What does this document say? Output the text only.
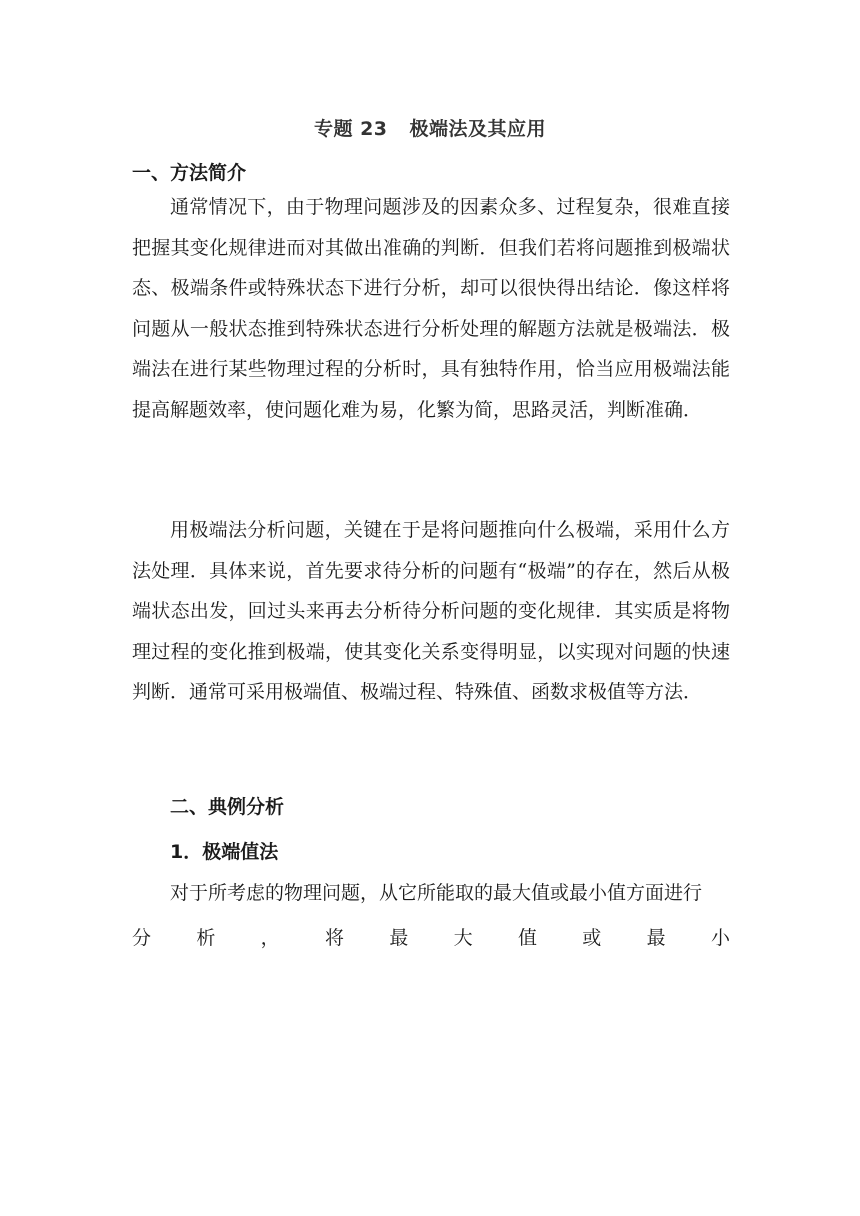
专题 23 极端法及其应用
一、方法简介

通常情况下，由于物理问题涉及的因素众多、过程复杂，很难直接把握其变化规律进而对其做出准确的判断．但我们若将问题推到极端状态、极端条件或特殊状态下进行分析，却可以很快得出结论．像这样将问题从一般状态推到特殊状态进行分析处理的解题方法就是极端法．极端法在进行某些物理过程的分析时，具有独特作用，恰当应用极端法能提高解题效率，使问题化难为易，化繁为简，思路灵活，判断准确．

用极端法分析问题，关键在于是将问题推向什么极端，采用什么方法处理．具体来说，首先要求待分析的问题有“极端”的存在，然后从极端状态出发，回过头来再去分析待分析问题的变化规律．其实质是将物理过程的变化推到极端，使其变化关系变得明显，以实现对问题的快速判断．通常可采用极端值、极端过程、特殊值、函数求极值等方法．

二、典例分析
1．极端值法

对于所考虑的物理问题，从它所能取的最大值或最小值方面进行

分 析 ， 将 最 大 值 或 最 小
